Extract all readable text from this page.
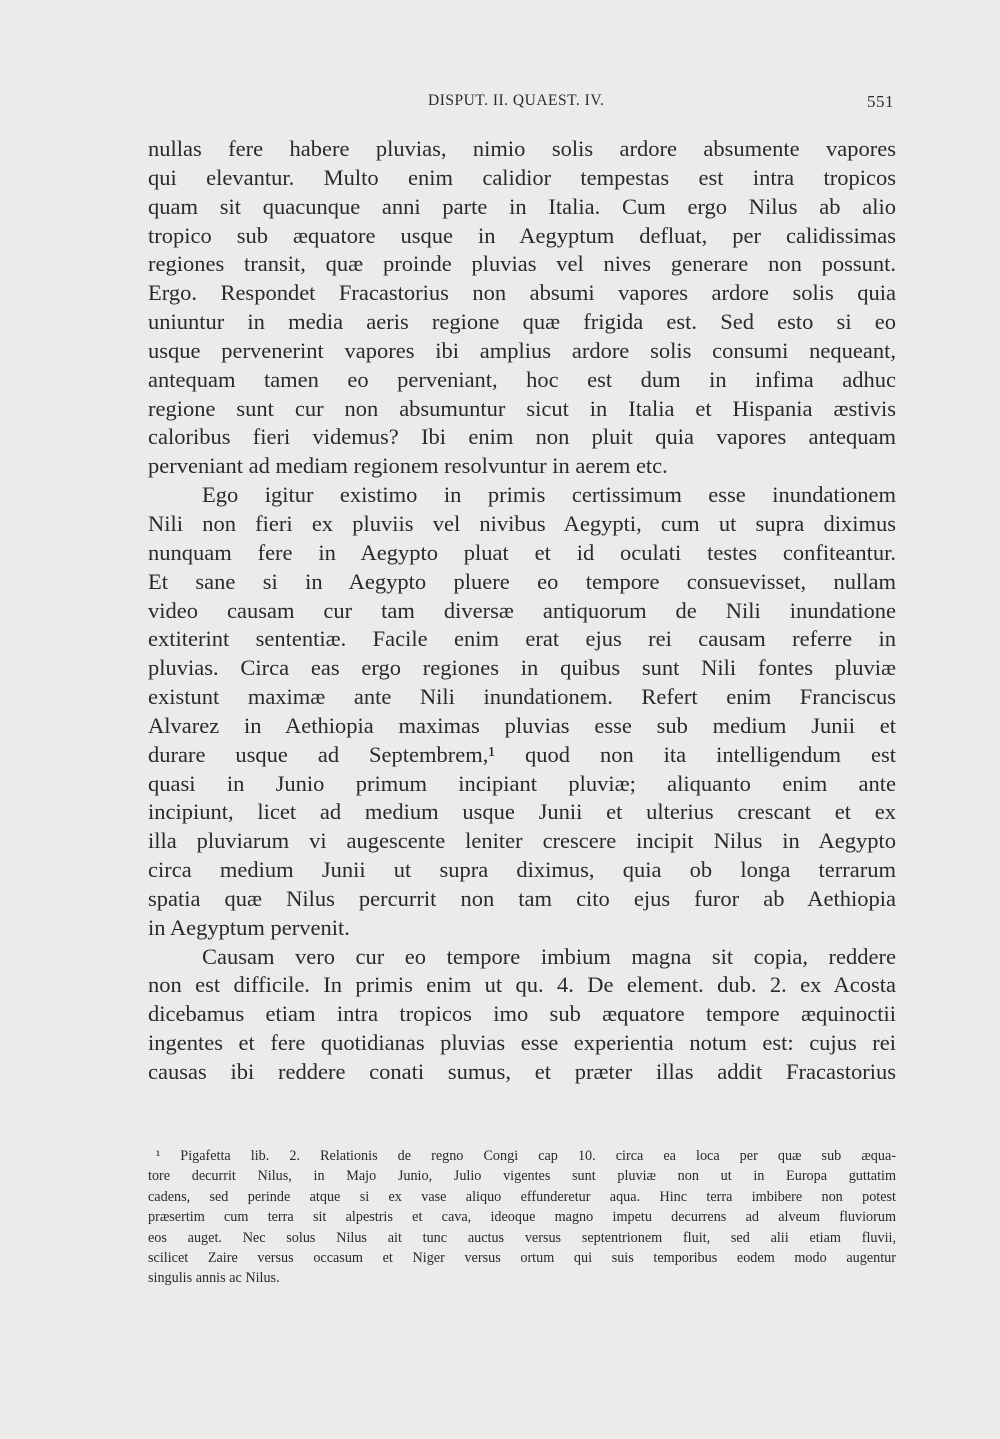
DISPUT. II. QUAEST. IV.	551
nullas fere habere pluvias, nimio solis ardore absumente vapores
qui elevantur. Multo enim calidior tempestas est intra tropicos
quam sit quacunque anni parte in Italia. Cum ergo Nilus ab alio
tropico sub æquatore usque in Aegyptum defluat, per calidissimas
regiones transit, quæ proinde pluvias vel nives generare non possunt.
Ergo. Respondet Fracastorius non absumi vapores ardore solis quia
uniuntur in media aeris regione quæ frigida est. Sed esto si eo
usque pervenerint vapores ibi amplius ardore solis consumi nequeant,
antequam tamen eo perveniant, hoc est dum in infima adhuc
regione sunt cur non absumuntur sicut in Italia et Hispania æstivis
caloribus fieri videmus? Ibi enim non pluit quia vapores antequam
perveniant ad mediam regionem resolvuntur in aerem etc.
Ego igitur existimo in primis certissimum esse inundationem
Nili non fieri ex pluviis vel nivibus Aegypti, cum ut supra diximus
nunquam fere in Aegypto pluat et id oculati testes confiteantur.
Et sane si in Aegypto pluere eo tempore consuevisset, nullam
video causam cur tam diversæ antiquorum de Nili inundatione
extiterint sententiæ. Facile enim erat ejus rei causam referre in
pluvias. Circa eas ergo regiones in quibus sunt Nili fontes pluviæ
existunt maximæ ante Nili inundationem. Refert enim Franciscus
Alvarez in Aethiopia maximas pluvias esse sub medium Junii et
durare usque ad Septembrem,¹ quod non ita intelligendum est
quasi in Junio primum incipiant pluviæ; aliquanto enim ante
incipiunt, licet ad medium usque Junii et ulterius crescant et ex
illa pluviarum vi augescente leniter crescere incipit Nilus in Aegypto
circa medium Junii ut supra diximus, quia ob longa terrarum
spatia quæ Nilus percurrit non tam cito ejus furor ab Aethiopia
in Aegyptum pervenit.
Causam vero cur eo tempore imbium magna sit copia, reddere
non est difficile. In primis enim ut qu. 4. De element. dub. 2. ex Acosta
dicebamus etiam intra tropicos imo sub æquatore tempore æquinoctii
ingentes et fere quotidianas pluvias esse experientia notum est: cujus rei
causas ibi reddere conati sumus, et præter illas addit Fracastorius
¹ Pigafetta lib. 2. Relationis de regno Congi cap 10. circa ea loca per quæ sub æqua-
tore decurrit Nilus, in Majo Junio, Julio vigentes sunt pluviæ non ut in Europa guttatim
cadens, sed perinde atque si ex vase aliquo effunderetur aqua. Hinc terra imbibere non potest
præsertim cum terra sit alpestris et cava, ideoque magno impetu decurrens ad alveum fluviorum
eos auget. Nec solus Nilus ait tunc auctus versus septentrionem fluit, sed alii etiam fluvii,
scilicet Zaire versus occasum et Niger versus ortum qui suis temporibus eodem modo augentur
singulis annis ac Nilus.
